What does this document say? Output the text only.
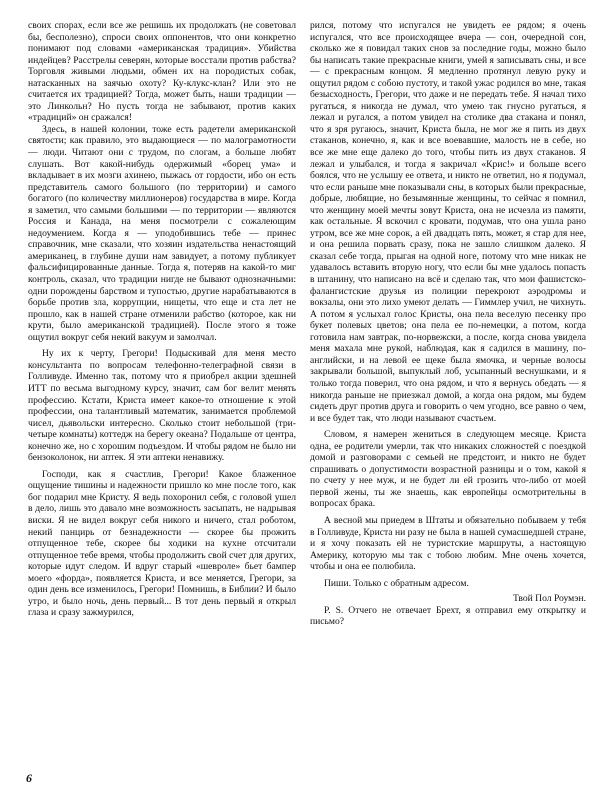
своих спорах, если все же решишь их продолжать (не советовал бы, бесполезно), спроси своих оппонентов, что они конкретно понимают под словами «американская традиция». Убийства индейцев? Расстрелы северян, которые восстали против рабства? Торговля живыми людьми, обмен их на породистых собак, натасканных на заячью охоту? Ку-клукс-клан? Или это не считается их традицией? Тогда, может быть, наши традиции — это Линкольн? Но пусть тогда не забывают, против каких «традиций» он сражался!

Здесь, в нашей колонии, тоже есть радетели американской святости; как правило, это выдающиеся — по малограмотности — люди. Читают они с трудом, по слогам, а больше любят слушать. Вот какой-нибудь одержимый «борец ума» и вкладывает в их мозги ахинею, пыжась от гордости, ибо он есть представитель самого большого (по территории) и самого богатого (по количеству миллионеров) государства в мире. Когда я заметил, что самыми большими — по территории — являются Россия и Канада, на меня посмотрели с сожалеющим недоумением. Когда я — уподобившись тебе — принес справочник, мне сказали, что хозяин издательства ненастоящий американец, в глубине души нам завидует, а потому публикует фальсифицированные данные. Тогда я, потеряв на какой-то миг контроль, сказал, что традиции нигде не бывают однозначными: одни порождены барством и тупостью, другие нарабатываются в борьбе против зла, коррупции, нищеты, что еще и ста лет не прошло, как в нашей стране отменили рабство (которое, как ни крути, было американской традицией). После этого я тоже ощутил вокруг себя некий вакуум и замолчал.

Ну их к черту, Грегори! Подыскивай для меня место консультанта по вопросам телефонно-телеграфной связи в Голливуде. Именно так, потому что я приобрел акции здешней ИТТ по весьма выгодному курсу, значит, сам бог велит менять профессию. Кстати, Криста имеет какое-то отношение к этой профессии, она талантливый математик, занимается проблемой чисел, дьявольски интересно. Сколько стоит небольшой (три-четыре комнаты) коттедж на берегу океана? Подальше от центра, конечно же, но с хорошим подъездом. И чтобы рядом не было ни бензоколонок, ни аптек. Я эти аптеки ненавижу.

Господи, как я счастлив, Грегори! Какое блаженное ощущение тишины и надежности пришло ко мне после того, как бог подарил мне Кристу. Я ведь похоронил себя, с головой ушел в дело, лишь это давало мне возможность засыпать, не надрывая виски. Я не видел вокруг себя никого и ничего, стал роботом, некий панцирь от безнадежности — скорее бы прожить отпущенное тебе, скорее бы ходики на кухне отсчитали отпущенное тебе время, чтобы продолжить свой счет для других, которые идут следом. И вдруг старый «шевроле» бьет бампер моего «форда», появляется Криста, и все меняется, Грегори, за один день все изменилось, Грегори! Помнишь, в Библии? И было утро, и было ночь, день первый... В тот день первый я открыл глаза и сразу зажмурился,

рился, потому что испугался не увидеть ее рядом; я очень испугался, что все происходящее вчера — сон, очередной сон, сколько же я повидал таких снов за последние годы, можно было бы написать такие прекрасные книги, умей я записывать сны, и все — с прекрасным концом. Я медленно протянул левую руку и ощутил рядом с собою пустоту, и такой ужас родился во мне, такая безысходность, Грегори, что даже и не передать тебе. Я начал тихо ругаться, я никогда не думал, что умею так гнусно ругаться, я лежал и ругался, а потом увидел на столике два стакана и понял, что я зря ругаюсь, значит, Криста была, не мог же я пить из двух стаканов, конечно, я, как и все воевавшие, малость не в себе, но все же мне еще далеко до того, чтобы пить из двух стаканов. Я лежал и улыбался, и тогда я закричал «Крис!» и больше всего боялся, что не услышу ее ответа, и никто не ответил, но я подумал, что если раньше мне показывали сны, в которых были прекрасные, добрые, любящие, но безымянные женщины, то сейчас я помнил, что женщину моей мечты зовут Криста, она не исчезла из памяти, как остальные. Я вскочил с кровати, подумав, что она ушла рано утром, все же мне сорок, а ей двадцать пять, может, я стар для нее, и она решила порвать сразу, пока не зашло слишком далеко. Я сказал себе тогда, прыгая на одной ноге, потому что мне никак не удавалось вставить вторую ногу, что если бы мне удалось попасть в штанину, что написано на всё и сделаю так, что мои фашистско-фалангистские друзья из полиции перекроют аэродромы и вокзалы, они это лихо умеют делать — Гиммлер учил, не чихнуть. А потом я услыхал голос Кристы, она пела веселую песенку про букет полевых цветов; она пела ее по-немецки, а потом, когда готовила нам завтрак, по-норвежски, а после, когда снова увидела меня махала мне рукой, наблюдая, как я садился в машину, по-английски, и на левой ее щеке была ямочка, и черные волосы закрывали большой, выпуклый лоб, усыпанный веснушками, и я только тогда поверил, что она рядом, и что я вернусь обедать — я никогда раньше не приезжал домой, а когда она рядом, мы будем сидеть друг против друга и говорить о чем угодно, все равно о чем, и все будет так, что люди называют счастьем.

Словом, я намерен жениться в следующем месяце. Криста одна, ее родители умерли, так что никаких сложностей с поездкой домой и разговорами с семьей не предстоит, и никто не будет спрашивать о допустимости возрастной разницы и о том, какой я по счету у нее муж, и не будет ли ей грозить что-либо от моей первой жены, ты же знаешь, как европейцы осмотрительны в вопросах брака.

А весной мы приедем в Штаты и обязательно побываем у тебя в Голливуде, Криста ни разу не была в нашей сумасшедшей стране, и я хочу показать ей не туристские маршруты, а настоящую Америку, которую мы так с тобою любим. Мне очень хочется, чтобы и она ее полюбила.

Пиши. Только с обратным адресом.

Твой Пол Роумэн.

P. S. Отчего не отвечает Брехт, я отправил ему открытку и письмо?

6
